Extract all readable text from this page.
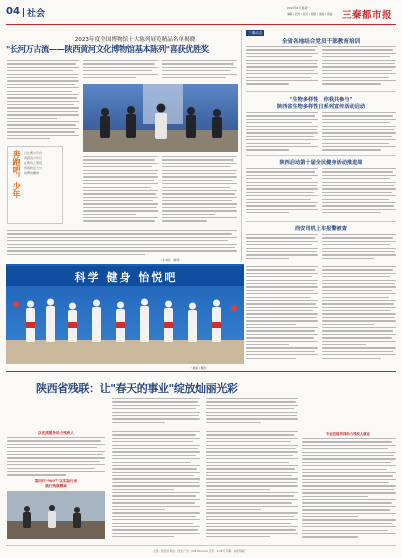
04 社会
2023年8月 星期一
编辑 / 校对 / 版式 / 组版 / 美编 / 责编	三秦都市报
2023年度全国博物馆十大陈列展览精品名单揭晓
"长河万古流——陕西黄河文化博物馆基本陈列"喜获优胜奖
奔跑吧，少年 以比赛为平台
奔跑的少年们
在赛场上展现
青春的活力与
拼搏的精神
（1-3版）（新闻）
三秦动态
全省各地结合党员干部教育培训
"生物多样性　你我共参与"
陕西省生物多样性日系列宣传活动启动
陕西启动第十届全民健身活动推进周
西安司机上车报警被查
科学 健身 怡悦吧
（城事 / 摄影）
陕西省残联：让"春天的事业"绽放灿丽光彩
以优质服务助力残疾人
第四代"9097"以实际行动
践行残联精神
专业技能培训助力残疾人就业
社址：西安市 地址：西安 广告：029-8xxxxxx 定价：1.20元 印刷：本报印刷厂
